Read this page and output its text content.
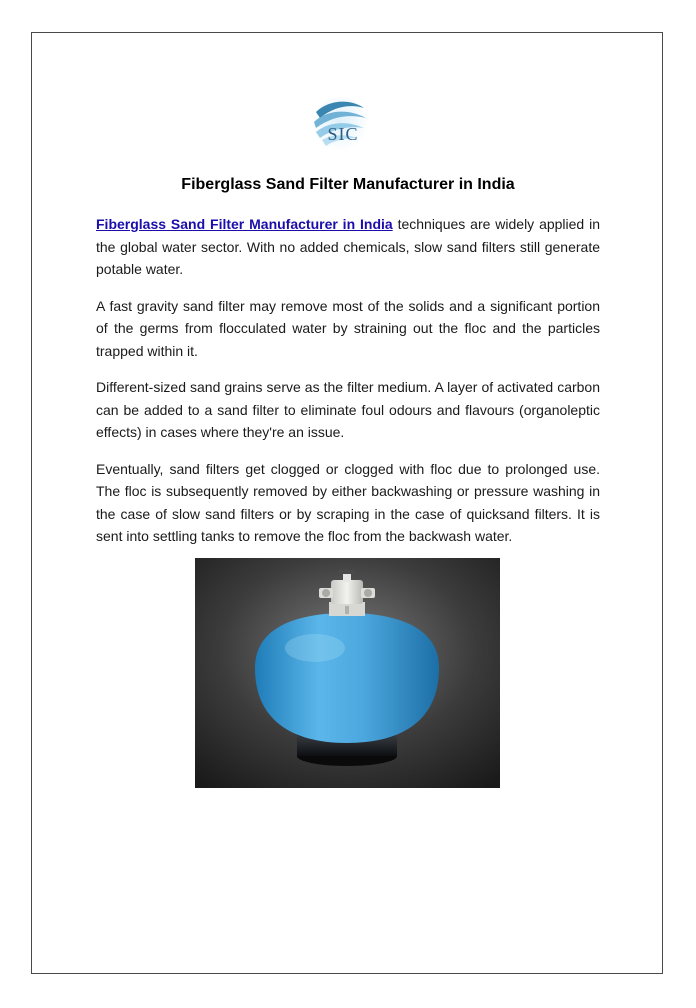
SIC
Fiberglass Sand Filter Manufacturer in India

Fiberglass Sand Filter Manufacturer in India techniques are widely applied in the global water sector. With no added chemicals, slow sand filters still generate potable water.

A fast gravity sand filter may remove most of the solids and a significant portion of the germs from flocculated water by straining out the floc and the particles trapped within it.

Different-sized sand grains serve as the filter medium. A layer of activated carbon can be added to a sand filter to eliminate foul odours and flavours (organoleptic effects) in cases where they're an issue.

Eventually, sand filters get clogged or clogged with floc due to prolonged use. The floc is subsequently removed by either backwashing or pressure washing in the case of slow sand filters or by scraping in the case of quicksand filters. It is sent into settling tanks to remove the floc from the backwash water.
